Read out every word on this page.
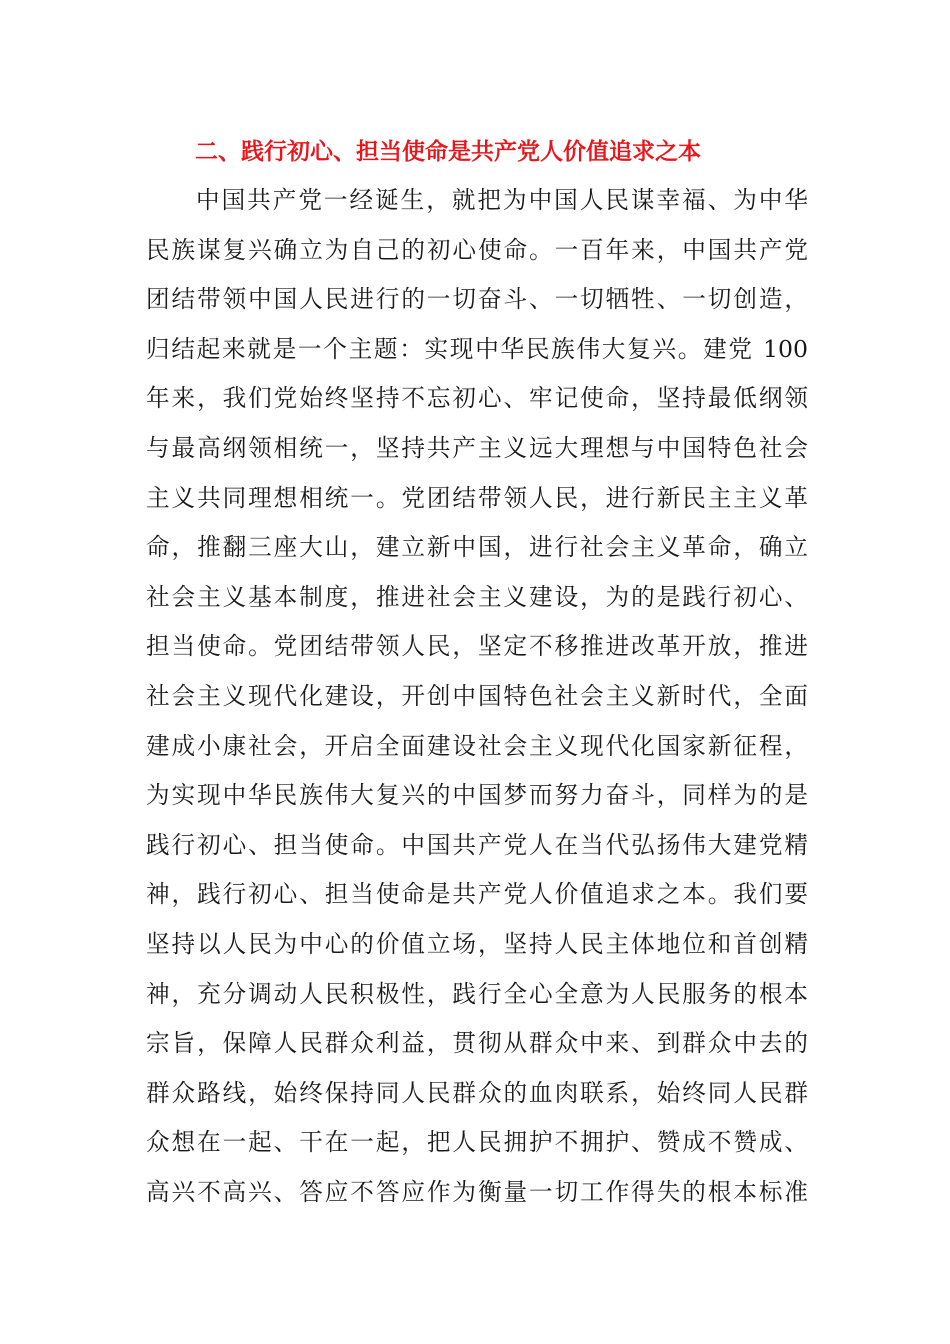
二、践行初心、担当使命是共产党人价值追求之本
中国共产党一经诞生，就把为中国人民谋幸福、为中华
民族谋复兴确立为自己的初心使命。一百年来，中国共产党
团结带领中国人民进行的一切奋斗、一切牺牲、一切创造，
归结起来就是一个主题：实现中华民族伟大复兴。建党 100
年来，我们党始终坚持不忘初心、牢记使命，坚持最低纲领
与最高纲领相统一，坚持共产主义远大理想与中国特色社会
主义共同理想相统一。党团结带领人民，进行新民主主义革
命，推翻三座大山，建立新中国，进行社会主义革命，确立
社会主义基本制度，推进社会主义建设，为的是践行初心、
担当使命。党团结带领人民，坚定不移推进改革开放，推进
社会主义现代化建设，开创中国特色社会主义新时代，全面
建成小康社会，开启全面建设社会主义现代化国家新征程，
为实现中华民族伟大复兴的中国梦而努力奋斗，同样为的是
践行初心、担当使命。中国共产党人在当代弘扬伟大建党精
神，践行初心、担当使命是共产党人价值追求之本。我们要
坚持以人民为中心的价值立场，坚持人民主体地位和首创精
神，充分调动人民积极性，践行全心全意为人民服务的根本
宗旨，保障人民群众利益，贯彻从群众中来、到群众中去的
群众路线，始终保持同人民群众的血肉联系，始终同人民群
众想在一起、干在一起，把人民拥护不拥护、赞成不赞成、
高兴不高兴、答应不答应作为衡量一切工作得失的根本标准
